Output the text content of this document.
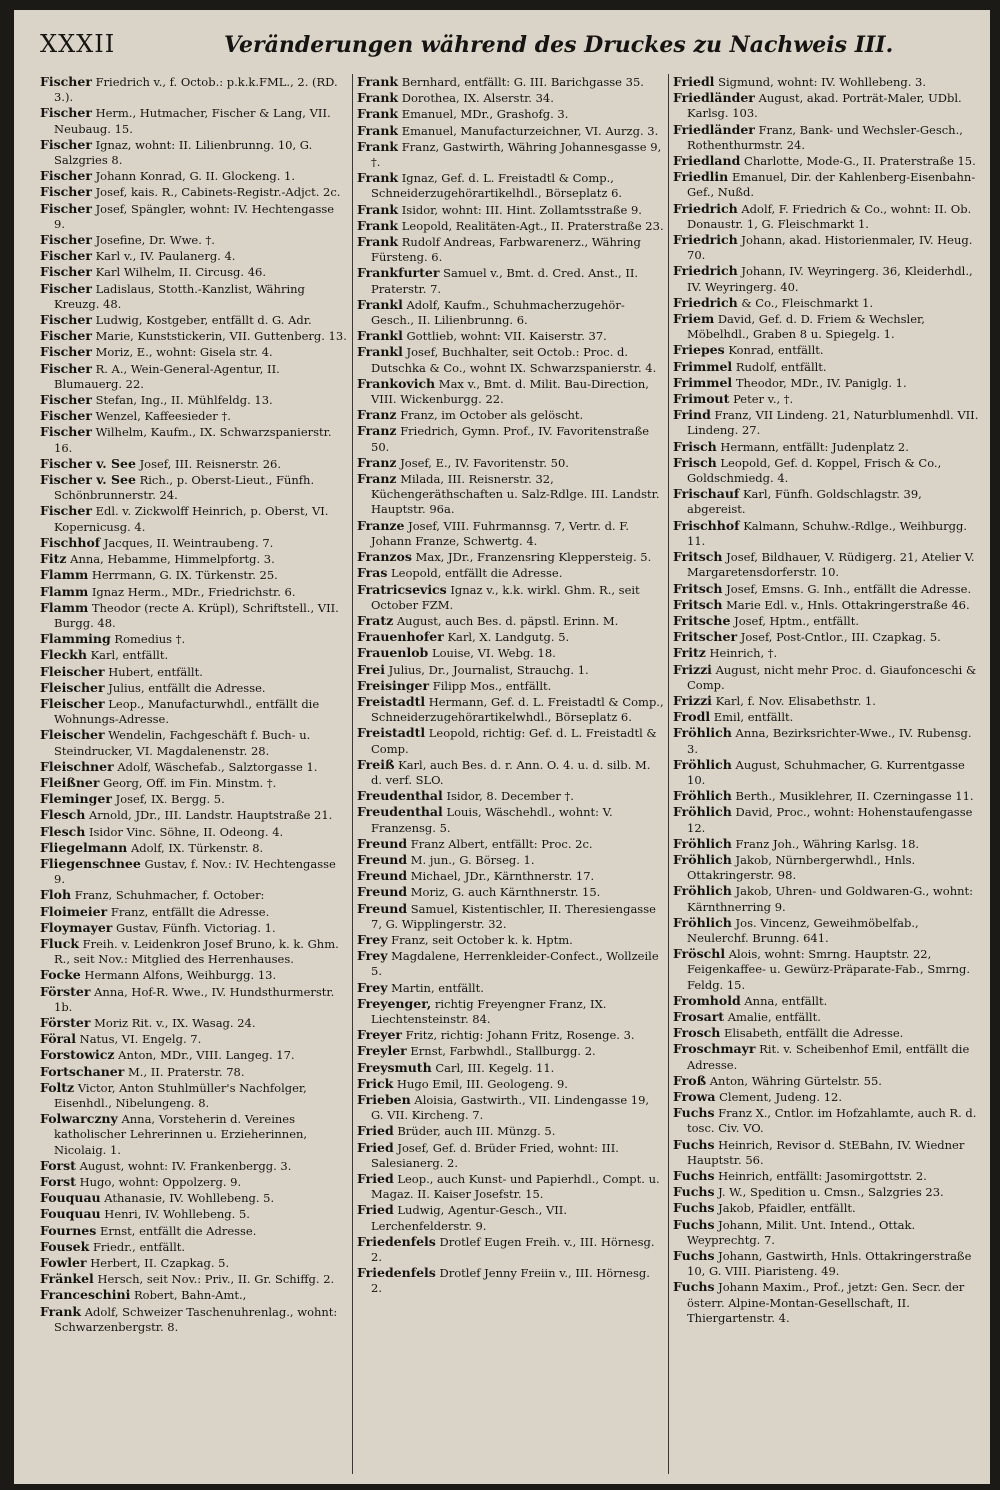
XXXII	Veränderungen während des Druckes zu Nachweis III.

Fischer Friedrich v., f. Octob.: p.k.k.FML., 2. (RD. 3.).

Fischer Herm., Hutmacher, Fischer & Lang, VII. Neubaug. 15.

Fischer Ignaz, wohnt: II. Lilienbrunng. 10, G. Salzgries 8.

Fischer Johann Konrad, G. II. Glockeng. 1.

Fischer Josef, kais. R., Cabinets-Registr.-Adjct. 2c.

Fischer Josef, Spängler, wohnt: IV. Hechtengasse 9.

Fischer Josefine, Dr. Wwe. †.

Fischer Karl v., IV. Paulanerg. 4.

Fischer Karl Wilhelm, II. Circusg. 46.

Fischer Ladislaus, Stotth.-Kanzlist, Währing Kreuzg. 48.

Fischer Ludwig, Kostgeber, entfällt d. G. Adr.

Fischer Marie, Kunststickerin, VII. Guttenberg. 13.

Fischer Moriz, E., wohnt: Gisela str. 4.

Fischer R. A., Wein-General-Agentur, II. Blumauerg. 22.

Fischer Stefan, Ing., II. Mühlfeldg. 13.

Fischer Wenzel, Kaffeesieder †.

Fischer Wilhelm, Kaufm., IX. Schwarzspanierstr. 16.

Fischer v. See Josef, III. Reisnerstr. 26.

Fischer v. See Rich., p. Oberst-Lieut., Fünfh. Schönbrunnerstr. 24.

Fischer Edl. v. Zickwolff Heinrich, p. Oberst, VI. Kopernicusg. 4.

Fischhof Jacques, II. Weintraubeng. 7.

Fitz Anna, Hebamme, Himmelpfortg. 3.

Flamm Herrmann, G. IX. Türkenstr. 25.

Flamm Ignaz Herm., MDr., Friedrichstr. 6.

Flamm Theodor (recte A. Krüpl), Schriftstell., VII. Burgg. 48.

Flamming Romedius †.

Fleckh Karl, entfällt.

Fleischer Hubert, entfällt.

Fleischer Julius, entfällt die Adresse.

Fleischer Leop., Manufacturwhdl., entfällt die Wohnungs-Adresse.

Fleischer Wendelin, Fachgeschäft f. Buch- u. Steindrucker, VI. Magdalenenstr. 28.

Fleischner Adolf, Wäschefab., Salztorgasse 1.

Fleißner Georg, Off. im Fin. Minstm. †.

Fleminger Josef, IX. Bergg. 5.

Flesch Arnold, JDr., III. Landstr. Hauptstraße 21.

Flesch Isidor Vinc. Söhne, II. Odeong. 4.

Fliegelmann Adolf, IX. Türkenstr. 8.

Fliegenschnee Gustav, f. Nov.: IV. Hechtengasse 9.

Floh Franz, Schuhmacher, f. October:

Floimeier Franz, entfällt die Adresse.

Floymayer Gustav, Fünfh. Victoriag. 1.

Fluck Freih. v. Leidenkron Josef Bruno, k. k. Ghm. R., seit Nov.: Mitglied des Herrenhauses.

Focke Hermann Alfons, Weihburgg. 13.

Förster Anna, Hof-R. Wwe., IV. Hundsthurmerstr. 1b.

Förster Moriz Rit. v., IX. Wasag. 24.

Föral Natus, VI. Engelg. 7.

Forstowicz Anton, MDr., VIII. Langeg. 17.

Fortschaner M., II. Praterstr. 78.

Foltz Victor, Anton Stuhlmüller's Nachfolger, Eisenhdl., Nibelungeng. 8.

Folwarczny Anna, Vorsteherin d. Vereines katholischer Lehrerinnen u. Erzieherinnen, Nicolaig. 1.

Forst August, wohnt: IV. Frankenbergg. 3.

Forst Hugo, wohnt: Oppolzerg. 9.

Fouquau Athanasie, IV. Wohllebeng. 5.

Fouquau Henri, IV. Wohllebeng. 5.

Fournes Ernst, entfällt die Adresse.

Fousek Friedr., entfällt.

Fowler Herbert, II. Czapkag. 5.

Fränkel Hersch, seit Nov.: Priv., II. Gr. Schiffg. 2.

Franceschini Robert, Bahn-Amt.,

Frank Adolf, Schweizer Taschenuhrenlag., wohnt: Schwarzenbergstr. 8.

Frank Bernhard, entfällt: G. III. Barichgasse 35.

Frank Dorothea, IX. Alserstr. 34.

Frank Emanuel, MDr., Grashofg. 3.

Frank Emanuel, Manufacturzeichner, VI. Aurzg. 3.

Frank Franz, Gastwirth, Währing Johannesgasse 9, †.

Frank Ignaz, Gef. d. L. Freistadtl & Comp., Schneiderzugehörartikelhdl., Börseplatz 6.

Frank Isidor, wohnt: III. Hint. Zollamtsstraße 9.

Frank Leopold, Realitäten-Agt., II. Praterstraße 23.

Frank Rudolf Andreas, Farbwarenerz., Währing Fürsteng. 6.

Frankfurter Samuel v., Bmt. d. Cred. Anst., II. Praterstr. 7.

Frankl Adolf, Kaufm., Schuhmacherzugehör-Gesch., II. Lilienbrunng. 6.

Frankl Gottlieb, wohnt: VII. Kaiserstr. 37.

Frankl Josef, Buchhalter, seit Octob.: Proc. d. Dutschka & Co., wohnt IX. Schwarzspanierstr. 4.

Frankovich Max v., Bmt. d. Milit. Bau-Direction, VIII. Wickenburgg. 22.

Franz Franz, im October als gelöscht.

Franz Friedrich, Gymn. Prof., IV. Favoritenstraße 50.

Franz Josef, E., IV. Favoritenstr. 50.

Franz Milada, III. Reisnerstr. 32, Küchengeräthschaften u. Salz-Rdlge. III. Landstr. Hauptstr. 96a.

Franze Josef, VIII. Fuhrmannsg. 7, Vertr. d. F. Johann Franze, Schwertg. 4.

Franzos Max, JDr., Franzensring Kleppersteig. 5.

Fras Leopold, entfällt die Adresse.

Fratricsevics Ignaz v., k.k. wirkl. Ghm. R., seit October FZM.

Fratz August, auch Bes. d. päpstl. Erinn. M.

Frauenhofer Karl, X. Landgutg. 5.

Frauenlob Louise, VI. Webg. 18.

Frei Julius, Dr., Journalist, Strauchg. 1.

Freisinger Filipp Mos., entfällt.

Freistadtl Hermann, Gef. d. L. Freistadtl & Comp., Schneiderzugehörartikelwhdl., Börseplatz 6.

Freistadtl Leopold, richtig: Gef. d. L. Freistadtl & Comp.

Freiß Karl, auch Bes. d. r. Ann. O. 4. u. d. silb. M. d. verf. SLO.

Freudenthal Isidor, 8. December †.

Freudenthal Louis, Wäschehdl., wohnt: V. Franzensg. 5.

Freund Franz Albert, entfällt: Proc. 2c.

Freund M. jun., G. Börseg. 1.

Freund Michael, JDr., Kärnthnerstr. 17.

Freund Moriz, G. auch Kärnthnerstr. 15.

Freund Samuel, Kistentischler, II. Theresiengasse 7, G. Wipplingerstr. 32.

Frey Franz, seit October k. k. Hptm.

Frey Magdalene, Herrenkleider-Confect., Wollzeile 5.

Frey Martin, entfällt.

Freyenger, richtig Freyengner Franz, IX. Liechtensteinstr. 84.

Freyer Fritz, richtig: Johann Fritz, Rosenge. 3.

Freyler Ernst, Farbwhdl., Stallburgg. 2.

Freysmuth Carl, III. Kegelg. 11.

Frick Hugo Emil, III. Geologeng. 9.

Frieben Aloisia, Gastwirth., VII. Lindengasse 19, G. VII. Kircheng. 7.

Fried Brüder, auch III. Münzg. 5.

Fried Josef, Gef. d. Brüder Fried, wohnt: III. Salesianerg. 2.

Fried Leop., auch Kunst- und Papierhdl., Compt. u. Magaz. II. Kaiser Josefstr. 15.

Fried Ludwig, Agentur-Gesch., VII. Lerchenfelderstr. 9.

Friedenfels Drotlef Eugen Freih. v., III. Hörnesg. 2.

Friedenfels Drotlef Jenny Freiin v., III. Hörnesg. 2.

Friedl Sigmund, wohnt: IV. Wohllebeng. 3.

Friedländer August, akad. Porträt-Maler, UDbl. Karlsg. 103.

Friedländer Franz, Bank- und Wechsler-Gesch., Rothenthurmstr. 24.

Friedland Charlotte, Mode-G., II. Praterstraße 15.

Friedlin Emanuel, Dir. der Kahlenberg-Eisenbahn-Gef., Nußd.

Friedrich Adolf, F. Friedrich & Co., wohnt: II. Ob. Donaustr. 1, G. Fleischmarkt 1.

Friedrich Johann, akad. Historienmaler, IV. Heug. 70.

Friedrich Johann, IV. Weyringerg. 36, Kleiderhdl., IV. Weyringerg. 40.

Friedrich & Co., Fleischmarkt 1.

Friem David, Gef. d. D. Friem & Wechsler, Möbelhdl., Graben 8 u. Spiegelg. 1.

Friepes Konrad, entfällt.

Frimmel Rudolf, entfällt.

Frimmel Theodor, MDr., IV. Paniglg. 1.

Frimout Peter v., †.

Frind Franz, VII Lindeng. 21, Naturblumenhdl. VII. Lindeng. 27.

Frisch Hermann, entfällt: Judenplatz 2.

Frisch Leopold, Gef. d. Koppel, Frisch & Co., Goldschmiedg. 4.

Frischauf Karl, Fünfh. Goldschlagstr. 39, abgereist.

Frischhof Kalmann, Schuhw.-Rdlge., Weihburgg. 11.

Fritsch Josef, Bildhauer, V. Rüdigerg. 21, Atelier V. Margaretensdorferstr. 10.

Fritsch Josef, Emsns. G. Inh., entfällt die Adresse.

Fritsch Marie Edl. v., Hnls. Ottakringerstraße 46.

Fritsche Josef, Hptm., entfällt.

Fritscher Josef, Post-Cntlor., III. Czapkag. 5.

Fritz Heinrich, †.

Frizzi August, nicht mehr Proc. d. Giaufonceschi & Comp.

Frizzi Karl, f. Nov. Elisabethstr. 1.

Frodl Emil, entfällt.

Fröhlich Anna, Bezirksrichter-Wwe., IV. Rubensg. 3.

Fröhlich August, Schuhmacher, G. Kurrentgasse 10.

Fröhlich Berth., Musiklehrer, II. Czerningasse 11.

Fröhlich David, Proc., wohnt: Hohenstaufengasse 12.

Fröhlich Franz Joh., Währing Karlsg. 18.

Fröhlich Jakob, Nürnbergerwhdl., Hnls. Ottakringerstr. 98.

Fröhlich Jakob, Uhren- und Goldwaren-G., wohnt: Kärnthnerring 9.

Fröhlich Jos. Vincenz, Geweihmöbelfab., Neulerchf. Brunng. 641.

Fröschl Alois, wohnt: Smrng. Hauptstr. 22, Feigenkaffee- u. Gewürz-Präparate-Fab., Smrng. Feldg. 15.

Fromhold Anna, entfällt.

Frosart Amalie, entfällt.

Frosch Elisabeth, entfällt die Adresse.

Froschmayr Rit. v. Scheibenhof Emil, entfällt die Adresse.

Froß Anton, Währing Gürtelstr. 55.

Frowa Clement, Judeng. 12.

Fuchs Franz X., Cntlor. im Hofzahlamte, auch R. d. tosc. Civ. VO.

Fuchs Heinrich, Revisor d. StEBahn, IV. Wiedner Hauptstr. 56.

Fuchs Heinrich, entfällt: Jasomirgottstr. 2.

Fuchs J. W., Spedition u. Cmsn., Salzgries 23.

Fuchs Jakob, Pfaidler, entfällt.

Fuchs Johann, Milit. Unt. Intend., Ottak. Weyprechtg. 7.

Fuchs Johann, Gastwirth, Hnls. Ottakringerstraße 10, G. VIII. Piaristeng. 49.

Fuchs Johann Maxim., Prof., jetzt: Gen. Secr. der österr. Alpine-Montan-Gesellschaft, II. Thiergartenstr. 4.
